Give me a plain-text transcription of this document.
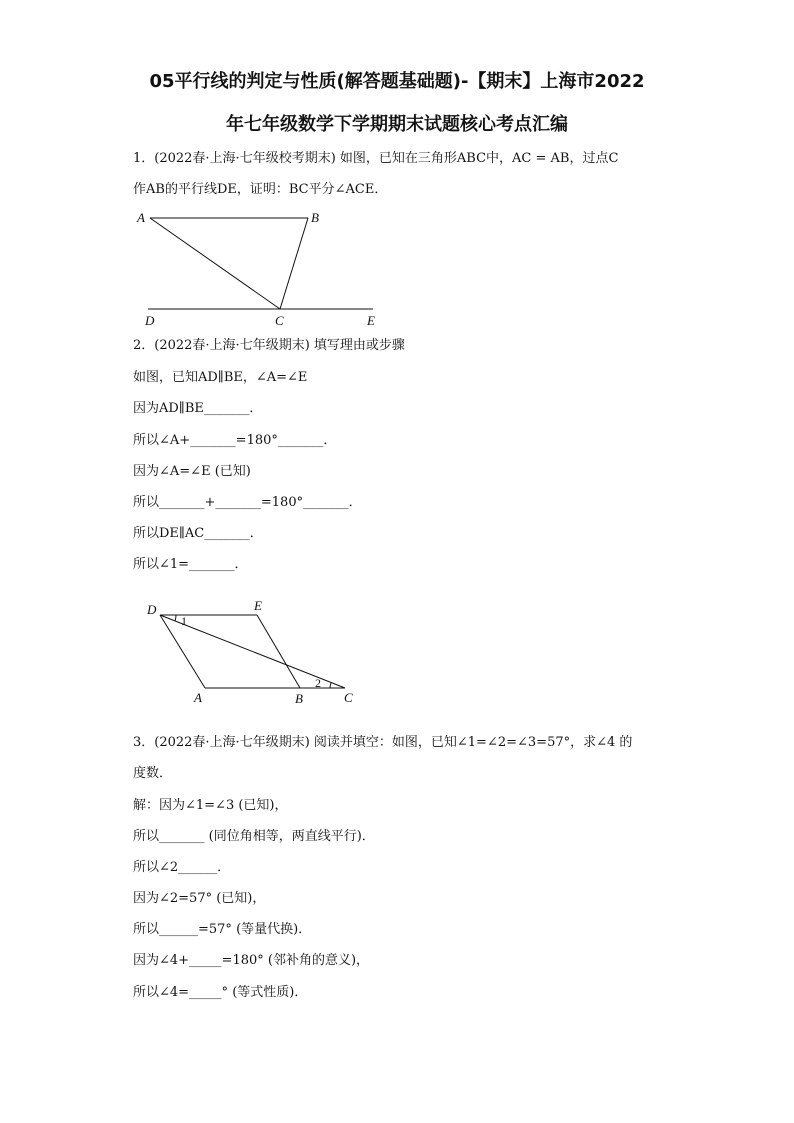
05平行线的判定与性质(解答题基础题)-【期末】上海市2022
年七年级数学下学期期末试题核心考点汇编
1．(2022春·上海·七年级校考期末) 如图，已知在三角形ABC中，AC = AB，过点C
作AB的平行线DE，证明：BC平分∠ACE．
A	B
D	C	E
2．(2022春·上海·七年级期末) 填写理由或步骤
如图，已知AD∥BE，∠A=∠E
因为AD∥BE_______．
所以∠A+_______=180°_______．
因为∠A=∠E (已知)
所以_______+_______=180°_______．
所以DE∥AC_______．
所以∠1=_______．
D	E
A	B	C
1
2
3．(2022春·上海·七年级期末) 阅读并填空：如图，已知∠1=∠2=∠3=57°，求∠4 的
度数．
解：因为∠1=∠3 (已知)，
所以_______ (同位角相等，两直线平行)．
所以∠2______．
因为∠2=57° (已知)，
所以______=57° (等量代换)．
因为∠4+_____=180° (邻补角的意义)，
所以∠4=_____° (等式性质)．
